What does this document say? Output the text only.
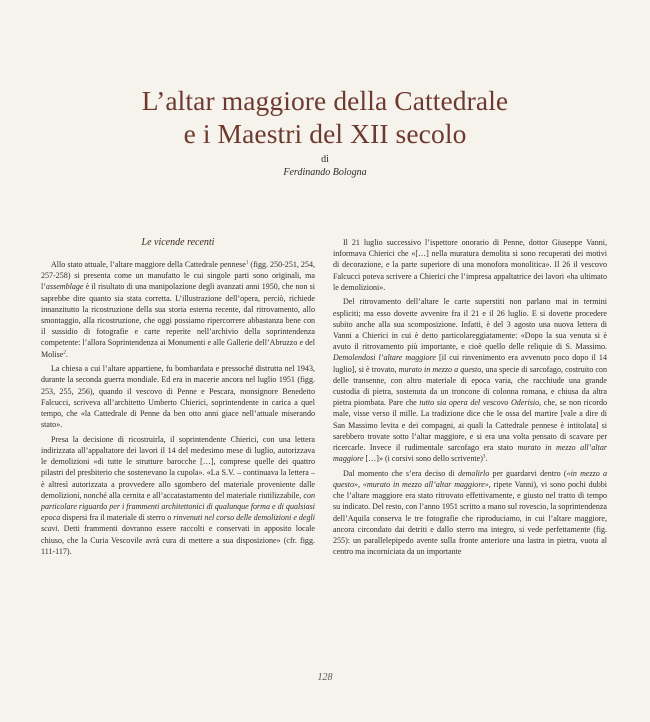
L’altar maggiore della Cattedrale
e i Maestri del XII secolo
di
Ferdinando Bologna
Le vicende recenti

Allo stato attuale, l’altare maggiore della Cattedrale pennese$^1$ (figg. 250-251, 254, 257-258) si presenta come un manufatto le cui singole parti sono originali, ma l’assemblage è il risultato di una manipolazione degli avanzati anni 1950, che non si saprebbe dire quanto sia stata corretta. L’illustrazione dell’opera, perciò, richiede innanzitutto la ricostruzione della sua storia esterna recente, dal ritrovamento, allo smontaggio, alla ricostruzione, che oggi possiamo ripercorrere abbastanza bene con il sussidio di fotografie e carte reperite nell’archivio della soprintendenza competente: l’allora Soprintendenza ai Monumenti e alle Gallerie dell’Abruzzo e del Molise$^2$.

La chiesa a cui l’altare appartiene, fu bombardata e pressoché distrutta nel 1943, durante la seconda guerra mondiale. Ed era in macerie ancora nel luglio 1951 (figg. 253, 255, 256), quando il vescovo di Penne e Pescara, monsignore Benedetto Falcucci, scriveva all’architetto Umberto Chierici, soprintendente in carica a quel tempo, che «la Cattedrale di Penne da ben otto anni giace nell’attuale miserando stato».

Presa la decisione di ricostruirla, il soprintendente Chierici, con una lettera indirizzata all’appaltatore dei lavori il 14 del medesimo mese di luglio, autorizzava le demolizioni «di tutte le strutture barocche […], comprese quelle dei quattro pilastri del presbiterio che sostenevano la cupola». «La S.V. – continuava la lettera – è altresì autorizzata a provvedere allo sgombero del materiale proveniente dalle demolizioni, nonché alla cernita e all’accatastamento del materiale riutilizzabile, con particolare riguardo per i frammenti architettonici di qualunque forma e di qualsiasi epoca dispersi fra il materiale di sterro o rinvenuti nel corso delle demolizioni e degli scavi. Detti frammenti dovranno essere raccolti e conservati in apposito locale chiuso, che la Curia Vescovile avrà cura di mettere a sua disposizione» (cfr. figg. 111-117).

Il 21 luglio successivo l’ispettore onorario di Penne, dottor Giuseppe Vanni, informava Chierici che «[…] nella muratura demolita si sono recuperati dei motivi di decorazione, e la parte superiore di una monofora monolitica». Il 26 il vescovo Falcucci poteva scrivere a Chierici che l’impresa appaltatrice dei lavori «ha ultimato le demolizioni».

Del ritrovamento dell’altare le carte superstiti non parlano mai in termini espliciti; ma esso dovette avvenire fra il 21 e il 26 luglio. E si dovette procedere subito anche alla sua scomposizione. Infatti, è del 3 agosto una nuova lettera di Vanni a Chierici in cui è detto particolareggiatamente: «Dopo la sua venuta si è avuto il ritrovamento più importante, e cioè quello delle reliquie di S. Massimo. Demolendosi l’altare maggiore [il cui rinvenimento era avvenuto poco dopo il 14 luglio], si è trovato, murato in mezzo a questo, una specie di sarcofago, costruito con delle transenne, con altro materiale di epoca varia, che racchiude una grande custodia di pietra, sostenuta da un troncone di colonna romana, e chiusa da altra pietra piombata. Pare che tutto sia opera del vescovo Oderisio, che, se non ricordo male, visse verso il mille. La tradizione dice che le ossa del martire [vale a dire di San Massimo levita e dei compagni, ai quali la Cattedrale pennese è intitolata] si sarebbero trovate sotto l’altar maggiore, e si era una volta pensato di scavare per ricercarle. Invece il rudimentale sarcofago era stato murato in mezzo all’altar maggiore […]» (i corsivi sono dello scrivente)$^3$.

Dal momento che s’era deciso di demolirlo per guardarvi dentro («in mezzo a questo», «murato in mezzo all’altar maggiore», ripete Vanni), vi sono pochi dubbi che l’altare maggiore era stato ritrovato effettivamente, e giusto nel tratto di tempo su indicato. Del resto, con l’anno 1951 scritto a mano sul rovescio, la soprintendenza dell’Aquila conserva le tre fotografie che riproduciamo, in cui l’altare maggiore, ancora circondato dai detriti e dallo sterro ma integro, si vede perfettamente (fig. 255): un parallelepipedo avente sulla fronte anteriore una lastra in pietra, vuota al centro ma incorniciata da un importante

128
